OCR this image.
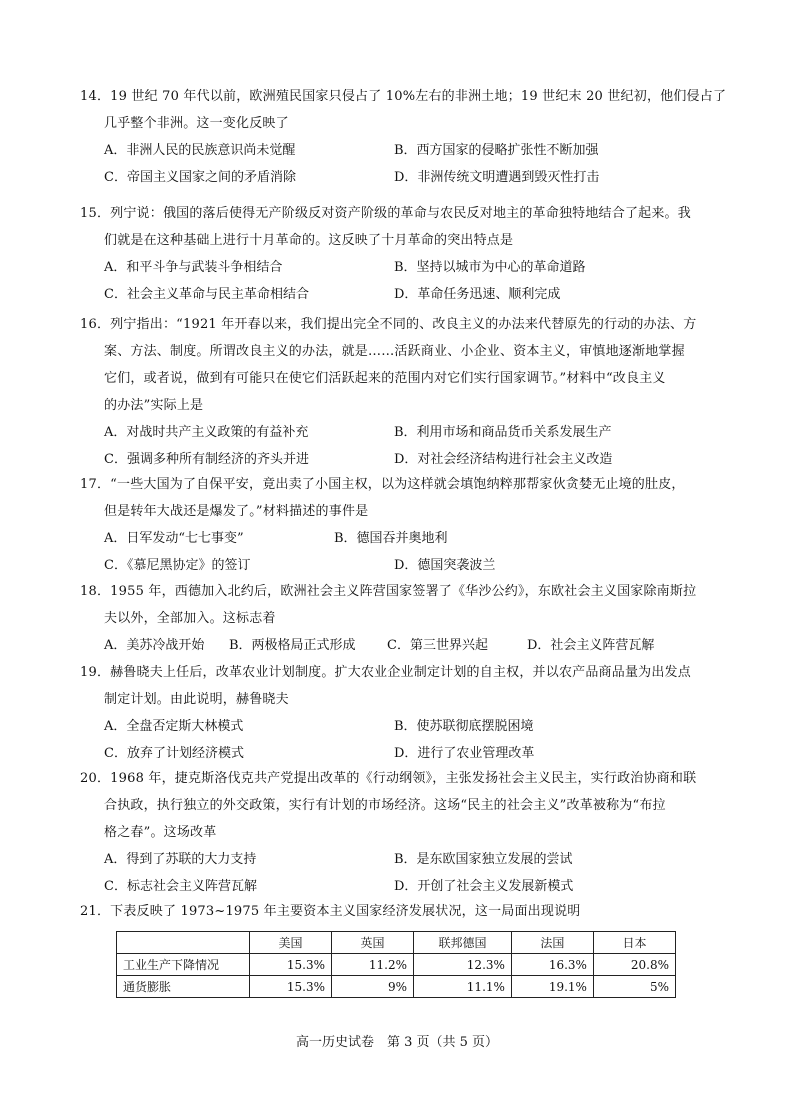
14．19 世纪 70 年代以前，欧洲殖民国家只侵占了 10%左右的非洲土地；19 世纪末 20 世纪初，他们侵占了
几乎整个非洲。这一变化反映了
A．非洲人民的民族意识尚未觉醒	B．西方国家的侵略扩张性不断加强
C．帝国主义国家之间的矛盾消除	D．非洲传统文明遭遇到毁灭性打击
15．列宁说：俄国的落后使得无产阶级反对资产阶级的革命与农民反对地主的革命独特地结合了起来。我
们就是在这种基础上进行十月革命的。这反映了十月革命的突出特点是
A．和平斗争与武装斗争相结合	B．坚持以城市为中心的革命道路
C．社会主义革命与民主革命相结合	D．革命任务迅速、顺利完成
16．列宁指出：“1921 年开春以来，我们提出完全不同的、改良主义的办法来代替原先的行动的办法、方
案、方法、制度。所谓改良主义的办法，就是……活跃商业、小企业、资本主义，审慎地逐渐地掌握
它们，或者说，做到有可能只在使它们活跃起来的范围内对它们实行国家调节。”材料中“改良主义
的办法”实际上是
A．对战时共产主义政策的有益补充	B．利用市场和商品货币关系发展生产
C．强调多种所有制经济的齐头并进	D．对社会经济结构进行社会主义改造
17．“一些大国为了自保平安，竟出卖了小国主权，以为这样就会填饱纳粹那帮家伙贪婪无止境的肚皮，
但是转年大战还是爆发了。”材料描述的事件是
A．日军发动“七七事变”	B．德国吞并奥地利
C．《慕尼黑协定》的签订	D．德国突袭波兰
18．1955 年，西德加入北约后，欧洲社会主义阵营国家签署了《华沙公约》，东欧社会主义国家除南斯拉
夫以外，全部加入。这标志着
A．美苏冷战开始	B．两极格局正式形成	C．第三世界兴起	D．社会主义阵营瓦解
19．赫鲁晓夫上任后，改革农业计划制度。扩大农业企业制定计划的自主权，并以农产品商品量为出发点
制定计划。由此说明，赫鲁晓夫
A．全盘否定斯大林模式	B．使苏联彻底摆脱困境
C．放弃了计划经济模式	D．进行了农业管理改革
20．1968 年，捷克斯洛伐克共产党提出改革的《行动纲领》，主张发扬社会主义民主，实行政治协商和联
合执政，执行独立的外交政策，实行有计划的市场经济。这场“民主的社会主义”改革被称为“布拉
格之春”。这场改革
A．得到了苏联的大力支持	B．是东欧国家独立发展的尝试
C．标志社会主义阵营瓦解	D．开创了社会主义发展新模式
21．下表反映了 1973~1975 年主要资本主义国家经济发展状况，这一局面出现说明
	美国	英国	联邦德国	法国	日本
工业生产下降情况	15.3%	11.2%	12.3%	16.3%	20.8%
通货膨胀	15.3%	9%	11.1%	19.1%	5%
高一历史试卷　第 3 页（共 5 页）
